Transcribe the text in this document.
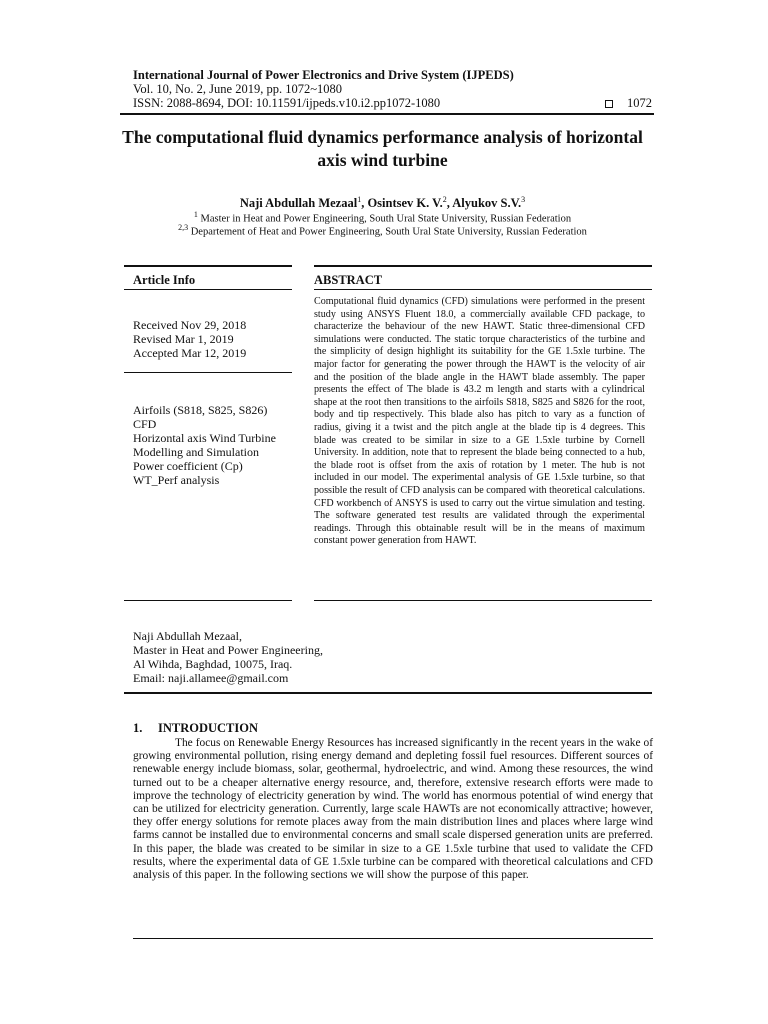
International Journal of Power Electronics and Drive System (IJPEDS)
Vol. 10, No. 2, June 2019, pp. 1072~1080
ISSN: 2088-8694, DOI: 10.11591/ijpeds.v10.i2.pp1072-1080	1072
The computational fluid dynamics performance analysis of horizontal axis wind turbine
Naji Abdullah Mezaal$^1$, Osintsev K. V.$^2$, Alyukov S.V.$^3$
$^1$ Master in Heat and Power Engineering, South Ural State University, Russian Federation
$^{2,3}$ Departement of Heat and Power Engineering, South Ural State University, Russian Federation
Article Info	ABSTRACT
Received Nov 29, 2018
Revised Mar 1, 2019
Accepted Mar 12, 2019
Airfoils (S818, S825, S826)
CFD
Horizontal axis Wind Turbine
Modelling and Simulation
Power coefficient (Cp)
WT_Perf analysis
Computational fluid dynamics (CFD) simulations were performed in the present study using ANSYS Fluent 18.0, a commercially available CFD package, to characterize the behaviour of the new HAWT. Static three-dimensional CFD simulations were conducted. The static torque characteristics of the turbine and the simplicity of design highlight its suitability for the GE 1.5xle turbine. The major factor for generating the power through the HAWT is the velocity of air and the position of the blade angle in the HAWT blade assembly. The paper presents the effect of The blade is 43.2 m length and starts with a cylindrical shape at the root then transitions to the airfoils S818, S825 and S826 for the root, body and tip respectively. This blade also has pitch to vary as a function of radius, giving it a twist and the pitch angle at the blade tip is 4 degrees. This blade was created to be similar in size to a GE 1.5xle turbine by Cornell University. In addition, note that to represent the blade being connected to a hub, the blade root is offset from the axis of rotation by 1 meter. The hub is not included in our model. The experimental analysis of GE 1.5xle turbine, so that possible the result of CFD analysis can be compared with theoretical calculations. CFD workbench of ANSYS is used to carry out the virtue simulation and testing. The software generated test results are validated through the experimental readings. Through this obtainable result will be in the means of maximum constant power generation from HAWT.
Naji Abdullah Mezaal,
Master in Heat and Power Engineering,
Al Wihda, Baghdad, 10075, Iraq.
Email: naji.allamee@gmail.com
1. INTRODUCTION
The focus on Renewable Energy Resources has increased significantly in the recent years in the wake of growing environmental pollution, rising energy demand and depleting fossil fuel resources. Different sources of renewable energy include biomass, solar, geothermal, hydroelectric, and wind. Among these resources, the wind turned out to be a cheaper alternative energy resource, and, therefore, extensive research efforts were made to improve the technology of electricity generation by wind. The world has enormous potential of wind energy that can be utilized for electricity generation. Currently, large scale HAWTs are not economically attractive; however, they offer energy solutions for remote places away from the main distribution lines and places where large wind farms cannot be installed due to environmental concerns and small scale dispersed generation units are preferred. In this paper, the blade was created to be similar in size to a GE 1.5xle turbine that used to validate the CFD results, where the experimental data of GE 1.5xle turbine can be compared with theoretical calculations and CFD analysis of this paper. In the following sections we will show the purpose of this paper.
